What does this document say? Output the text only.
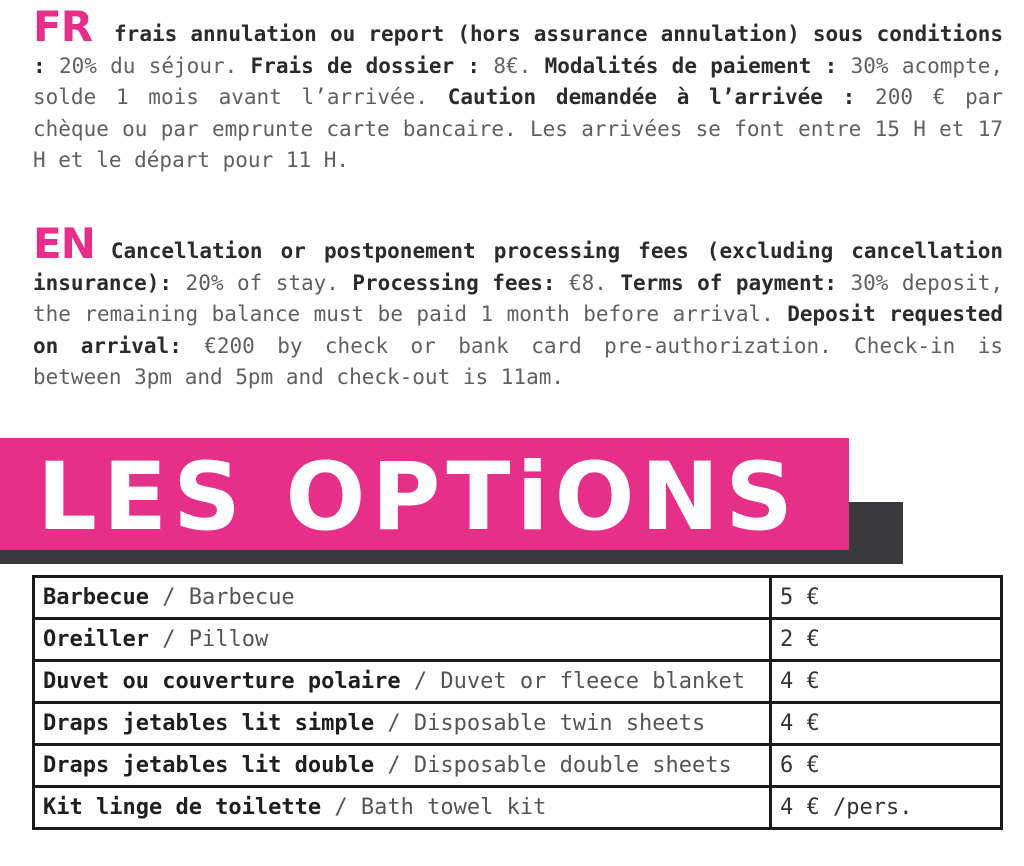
FR frais annulation ou report (hors assurance annulation) sous conditions : 20% du séjour. Frais de dossier : 8€. Modalités de paiement : 30% acompte, solde 1 mois avant l’arrivée. Caution demandée à l’arrivée : 200 € par chèque ou par emprunte carte bancaire. Les arrivées se font entre 15 H et 17 H et le départ pour 11 H.
EN Cancellation or postponement processing fees (excluding cancellation insurance): 20% of stay. Processing fees: €8. Terms of payment: 30% deposit, the remaining balance must be paid 1 month before arrival. Deposit requested on arrival: €200 by check or bank card pre-authorization. Check-in is between 3pm and 5pm and check-out is 11am.
LES OPTiONS
Barbecue / Barbecue	5 €
Oreiller / Pillow	2 €
Duvet ou couverture polaire / Duvet or fleece blanket	4 €
Draps jetables lit simple / Disposable twin sheets	4 €
Draps jetables lit double / Disposable double sheets	6 €
Kit linge de toilette / Bath towel kit	4 € /pers.
